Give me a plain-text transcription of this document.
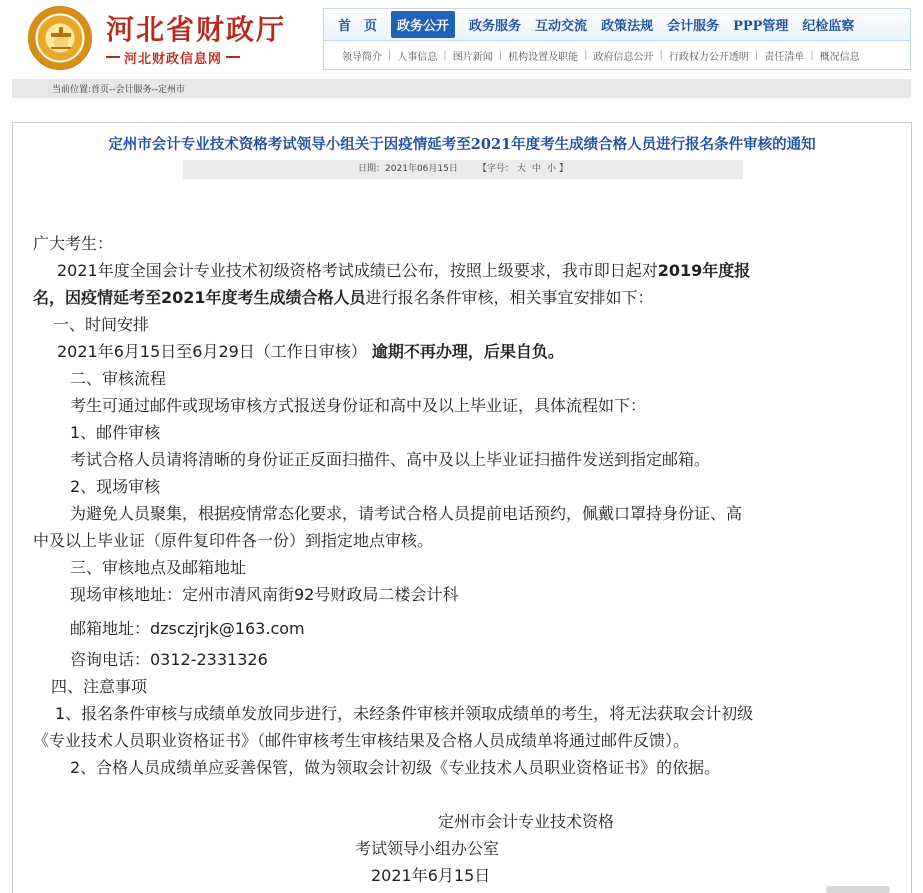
河北省财政厅
河北财政信息网
首　页	政务公开	政务服务 互动交流 政策法规 会计服务 PPP管理 纪检监察
领导简介 | 人事信息 | 图片新闻 | 机构设置及职能 | 政府信息公开 | 行政权力公开透明 | 责任清单 | 概况信息
当前位置:首页--会计服务--定州市
定州市会计专业技术资格考试领导小组关于因疫情延考至2021年度考生成绩合格人员进行报名条件审核的通知
日期：2021年06月15日 【字号： 大 中 小 】
广大考生：
2021年度全国会计专业技术初级资格考试成绩已公布，按照上级要求，我市即日起对2019年度报
名，因疫情延考至2021年度考生成绩合格人员进行报名条件审核，相关事宜安排如下：
一、时间安排
2021年6月15日至6月29日（工作日审核） 逾期不再办理，后果自负。
二、审核流程
考生可通过邮件或现场审核方式报送身份证和高中及以上毕业证，具体流程如下：
1、邮件审核
考试合格人员请将清晰的身份证正反面扫描件、高中及以上毕业证扫描件发送到指定邮箱。
2、现场审核
为避免人员聚集，根据疫情常态化要求，请考试合格人员提前电话预约，佩戴口罩持身份证、高
中及以上毕业证（原件复印件各一份）到指定地点审核。
三、审核地点及邮箱地址
现场审核地址：定州市清风南街92号财政局二楼会计科
邮箱地址：dzsczjrjk@163.com
咨询电话：0312-2331326
四、注意事项
1、报名条件审核与成绩单发放同步进行，未经条件审核并领取成绩单的考生，将无法获取会计初级
《专业技术人员职业资格证书》（邮件审核考生审核结果及合格人员成绩单将通过邮件反馈）。
2、合格人员成绩单应妥善保管，做为领取会计初级《专业技术人员职业资格证书》的依据。
定州市会计专业技术资格
考试领导小组办公室
2021年6月15日
